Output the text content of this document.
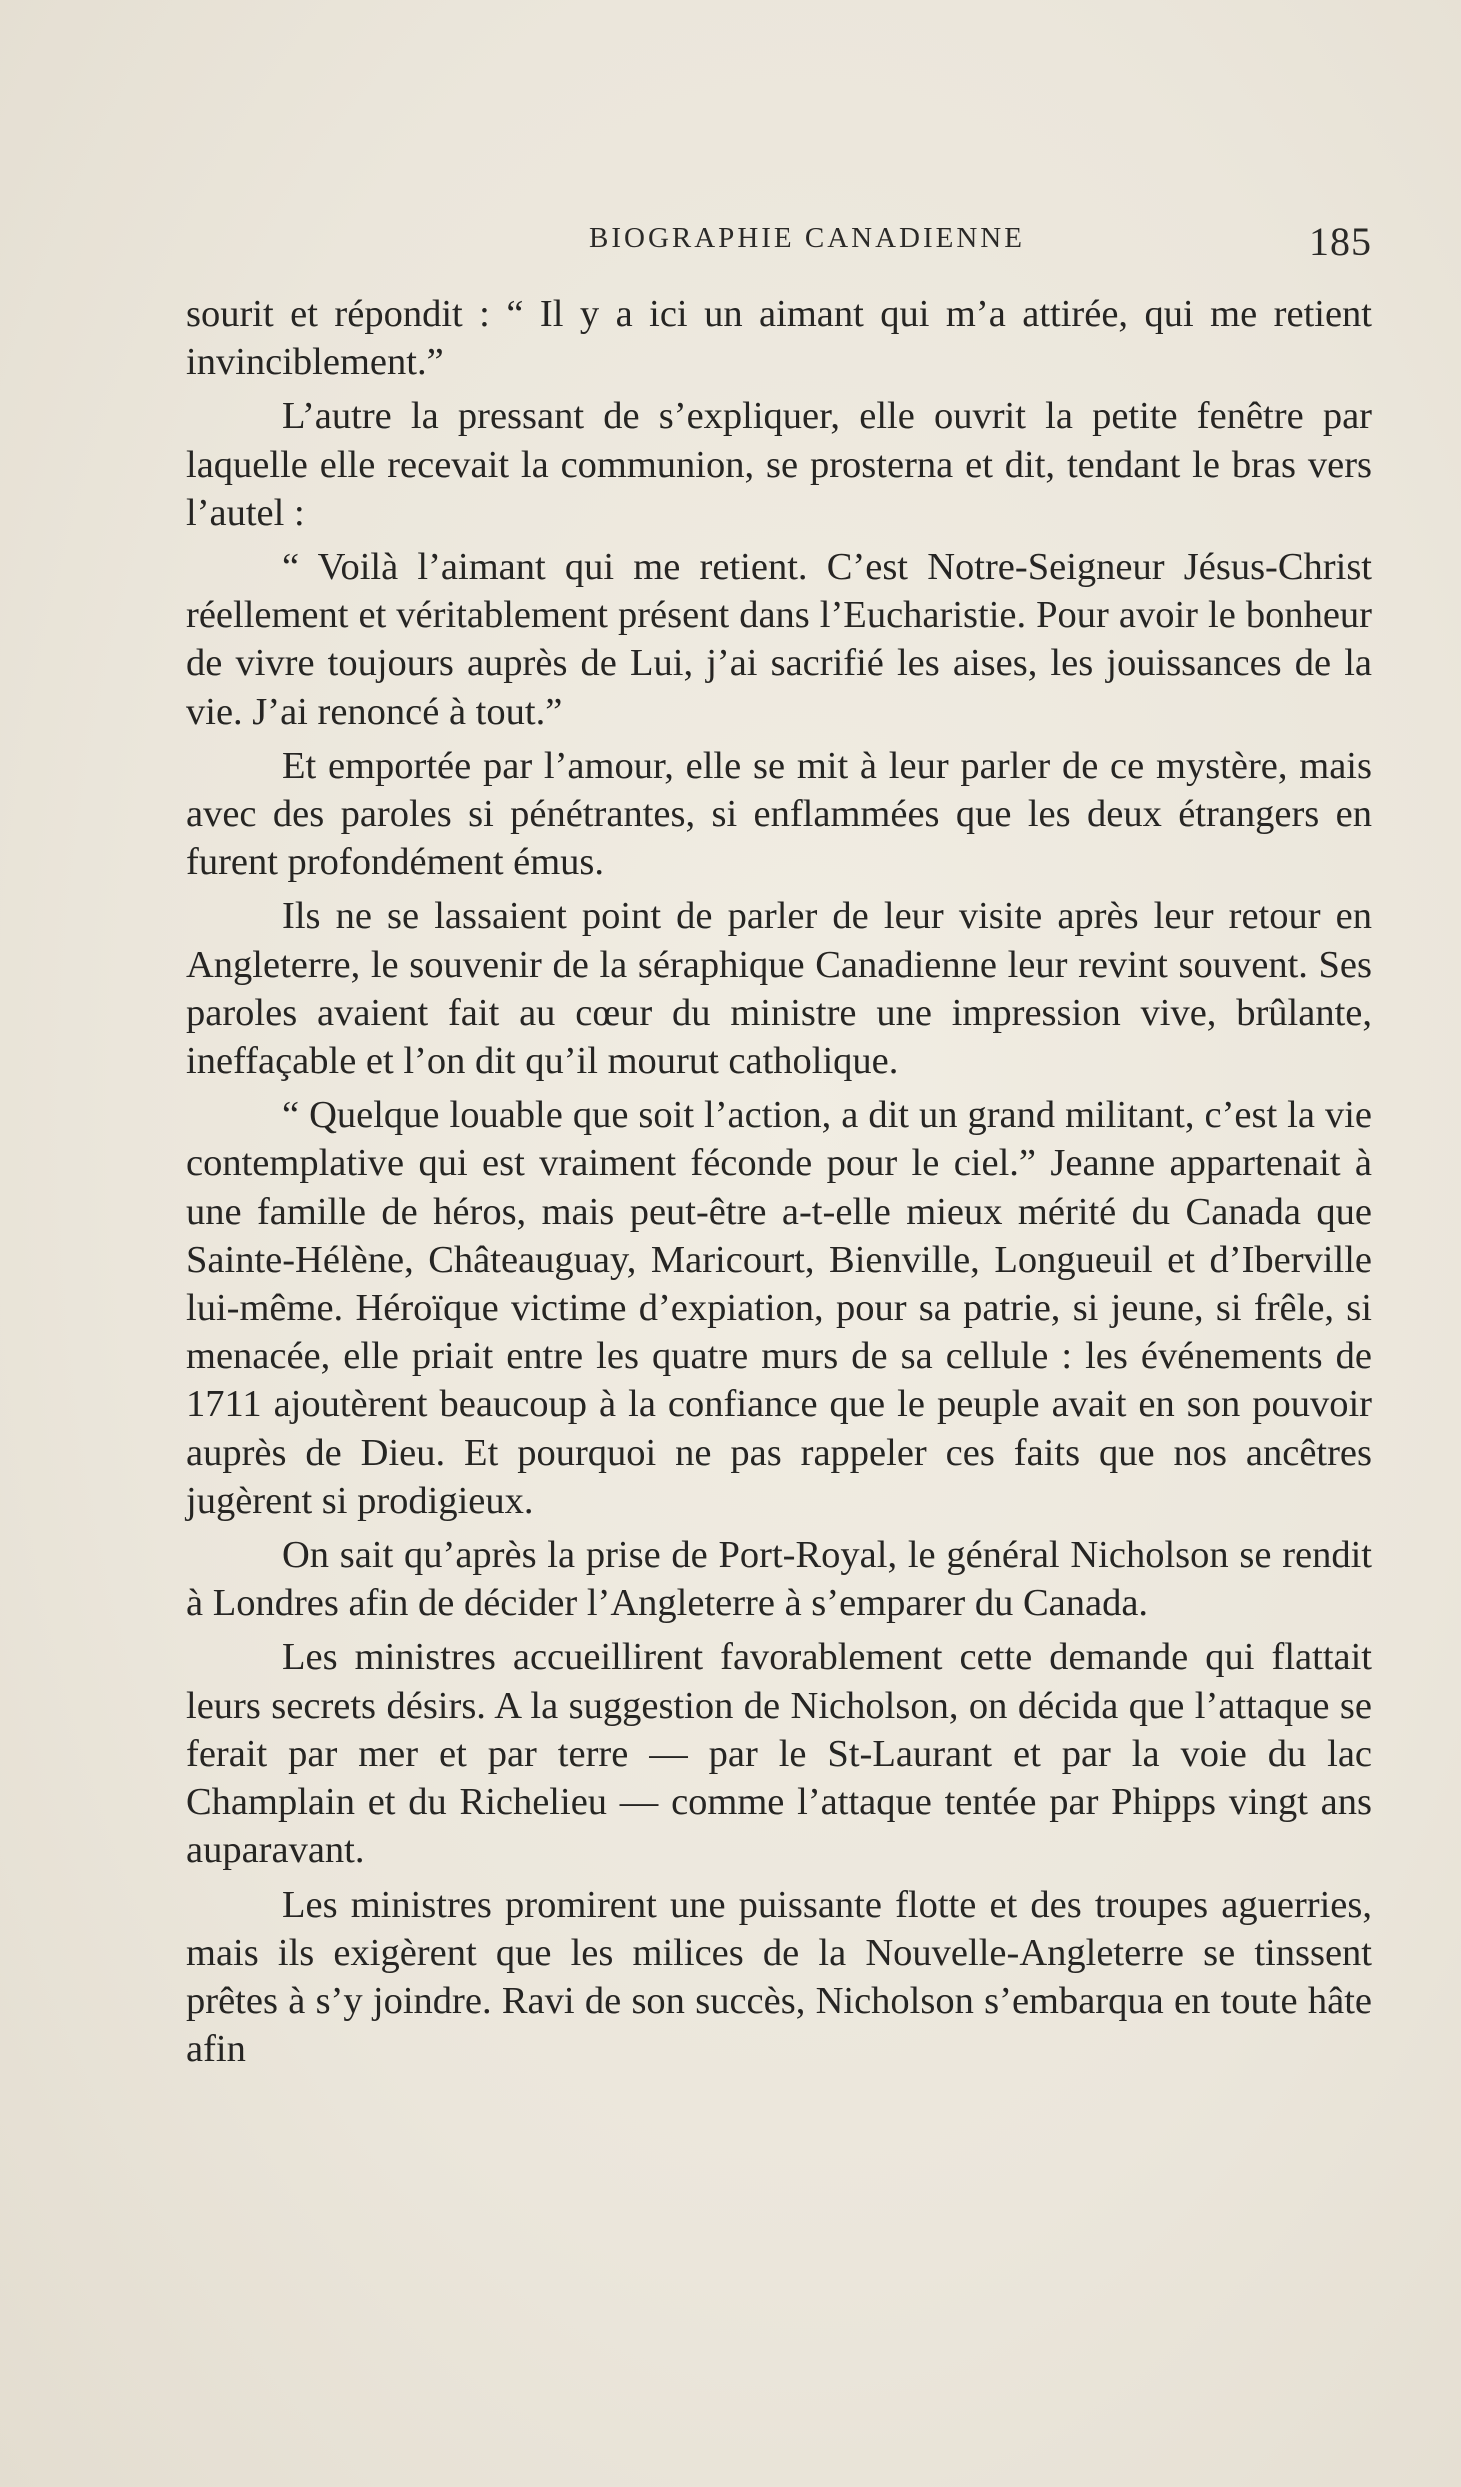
BIOGRAPHIE CANADIENNE	185

sourit et répondit : “ Il y a ici un aimant qui m’a attirée, qui me retient invinciblement.”

L’autre la pressant de s’expliquer, elle ouvrit la petite fenêtre par laquelle elle recevait la communion, se prosterna et dit, tendant le bras vers l’autel :

“ Voilà l’aimant qui me retient. C’est Notre-Seigneur Jésus-Christ réellement et véritablement présent dans l’Eucharistie. Pour avoir le bonheur de vivre toujours auprès de Lui, j’ai sacrifié les aises, les jouissances de la vie. J’ai renoncé à tout.”

Et emportée par l’amour, elle se mit à leur parler de ce mystère, mais avec des paroles si pénétrantes, si enflammées que les deux étrangers en furent profondément émus.

Ils ne se lassaient point de parler de leur visite après leur retour en Angleterre, le souvenir de la séraphique Canadienne leur revint souvent. Ses paroles avaient fait au cœur du ministre une impression vive, brûlante, ineffaçable et l’on dit qu’il mourut catholique.

“ Quelque louable que soit l’action, a dit un grand militant, c’est la vie contemplative qui est vraiment féconde pour le ciel.” Jeanne appartenait à une famille de héros, mais peut-être a-t-elle mieux mérité du Canada que Sainte-Hélène, Châteauguay, Maricourt, Bienville, Longueuil et d’Iberville lui-même. Héroïque victime d’expiation, pour sa patrie, si jeune, si frêle, si menacée, elle priait entre les quatre murs de sa cellule : les événements de 1711 ajoutèrent beaucoup à la confiance que le peuple avait en son pouvoir auprès de Dieu. Et pourquoi ne pas rappeler ces faits que nos ancêtres jugèrent si prodigieux.

On sait qu’après la prise de Port-Royal, le général Nicholson se rendit à Londres afin de décider l’Angleterre à s’emparer du Canada.

Les ministres accueillirent favorablement cette demande qui flattait leurs secrets désirs. A la suggestion de Nicholson, on décida que l’attaque se ferait par mer et par terre — par le St-Laurant et par la voie du lac Champlain et du Richelieu — comme l’attaque tentée par Phipps vingt ans auparavant.

Les ministres promirent une puissante flotte et des troupes aguerries, mais ils exigèrent que les milices de la Nouvelle-Angleterre se tinssent prêtes à s’y joindre. Ravi de son succès, Nicholson s’embarqua en toute hâte afin
